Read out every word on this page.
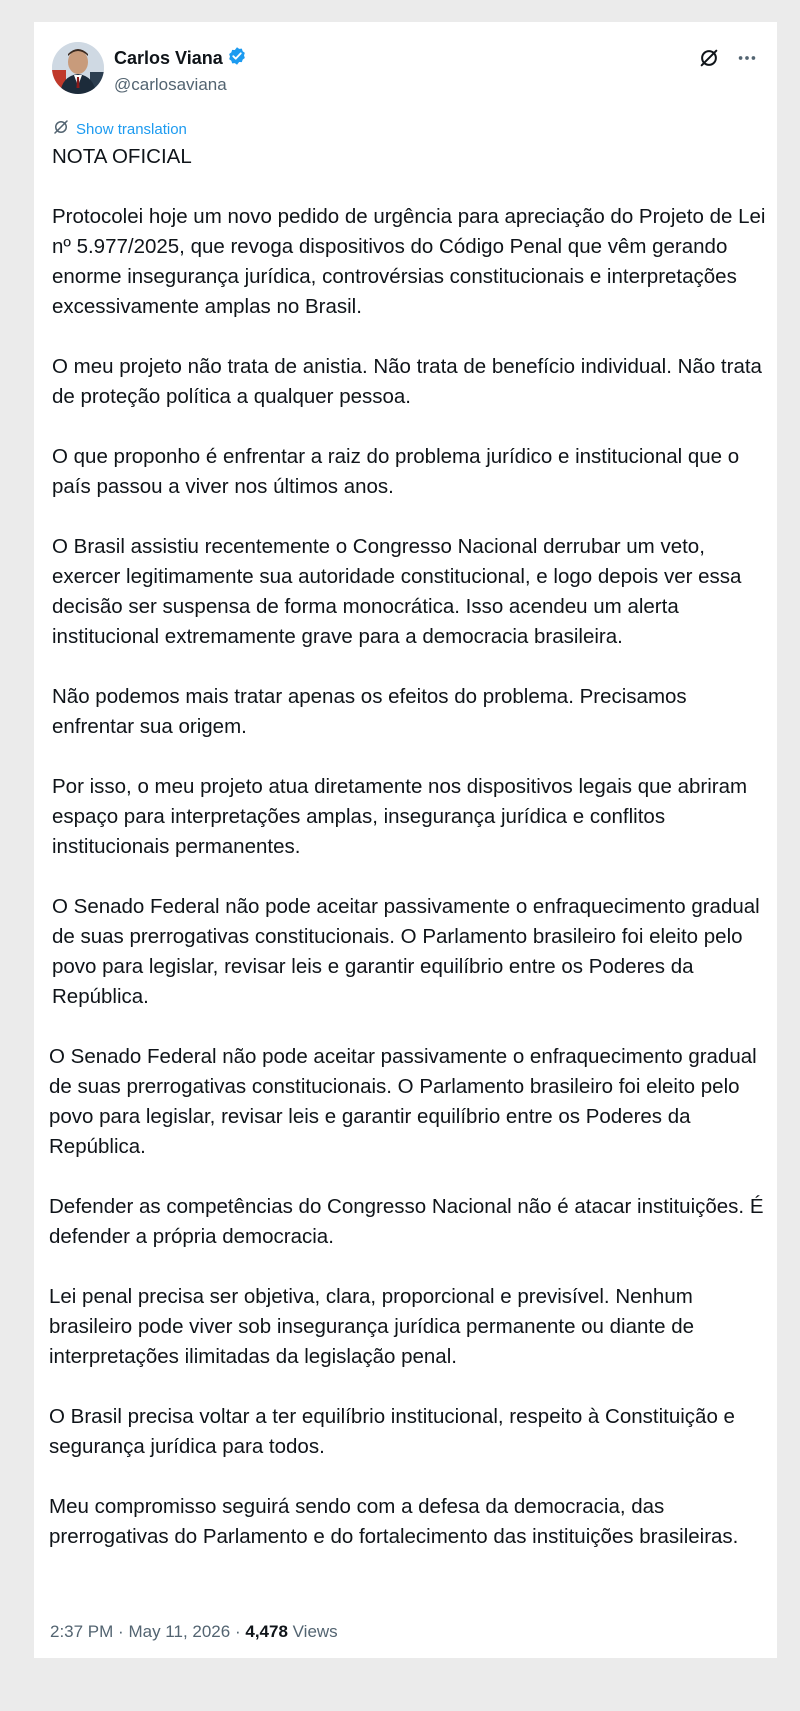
Carlos Viana
@carlosaviana
Show translation

NOTA OFICIAL

Protocolei hoje um novo pedido de urgência para apreciação do Projeto de Lei nº 5.977/2025, que revoga dispositivos do Código Penal que vêm gerando enorme insegurança jurídica, controvérsias constitucionais e interpretações excessivamente amplas no Brasil.

O meu projeto não trata de anistia. Não trata de benefício individual. Não trata de proteção política a qualquer pessoa.

O que proponho é enfrentar a raiz do problema jurídico e institucional que o país passou a viver nos últimos anos.

O Brasil assistiu recentemente o Congresso Nacional derrubar um veto, exercer legitimamente sua autoridade constitucional, e logo depois ver essa decisão ser suspensa de forma monocrática. Isso acendeu um alerta institucional extremamente grave para a democracia brasileira.

Não podemos mais tratar apenas os efeitos do problema. Precisamos enfrentar sua origem.

Por isso, o meu projeto atua diretamente nos dispositivos legais que abriram espaço para interpretações amplas, insegurança jurídica e conflitos institucionais permanentes.

O Senado Federal não pode aceitar passivamente o enfraquecimento gradual de suas prerrogativas constitucionais. O Parlamento brasileiro foi eleito pelo povo para legislar, revisar leis e garantir equilíbrio entre os Poderes da República.

O Senado Federal não pode aceitar passivamente o enfraquecimento gradual de suas prerrogativas constitucionais. O Parlamento brasileiro foi eleito pelo povo para legislar, revisar leis e garantir equilíbrio entre os Poderes da República.

Defender as competências do Congresso Nacional não é atacar instituições. É defender a própria democracia.

Lei penal precisa ser objetiva, clara, proporcional e previsível. Nenhum brasileiro pode viver sob insegurança jurídica permanente ou diante de interpretações ilimitadas da legislação penal.

O Brasil precisa voltar a ter equilíbrio institucional, respeito à Constituição e segurança jurídica para todos.

Meu compromisso seguirá sendo com a defesa da democracia, das prerrogativas do Parlamento e do fortalecimento das instituições brasileiras.

2:37 PM · May 11, 2026 · 4,478 Views
